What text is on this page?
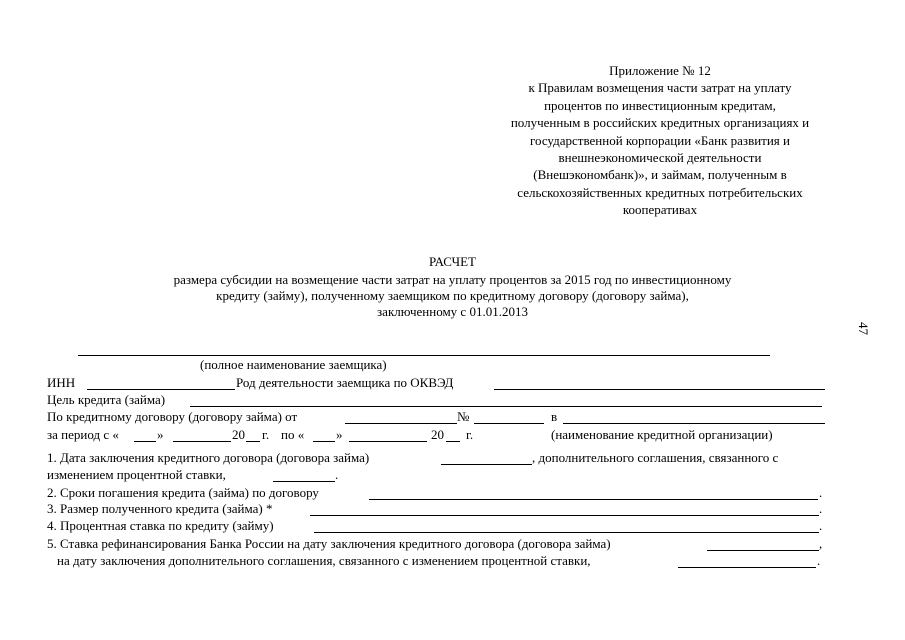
Приложение № 12
к Правилам возмещения части затрат на уплату
процентов по инвестиционным кредитам,
полученным в российских кредитных организациях и
государственной корпорации «Банк развития и
внешнеэкономической деятельности
(Внешэкономбанк)», и займам, полученным в
сельскохозяйственных кредитных потребительских
кооперативах
РАСЧЕТ
размера субсидии на возмещение части затрат на уплату процентов за 2015 год по инвестиционному
кредиту (займу), полученному заемщиком по кредитному договору (договору займа),
заключенному с 01.01.2013
47
(полное наименование заемщика)
ИНН	Род деятельности заемщика по ОКВЭД
Цель кредита (займа)
По кредитному договору (договору займа) от	№	в
за период с «	»	20 г. по « »	20 г.	(наименование кредитной организации)
1. Дата заключения кредитного договора (договора займа)	, дополнительного соглашения, связанного с
изменением процентной ставки,	.
2. Сроки погашения кредита (займа) по договору	.
3. Размер полученного кредита (займа) *	.
4. Процентная ставка по кредиту (займу)	.
5. Ставка рефинансирования Банка России на дату заключения кредитного договора (договора займа)	,
на дату заключения дополнительного соглашения, связанного с изменением процентной ставки,	.
